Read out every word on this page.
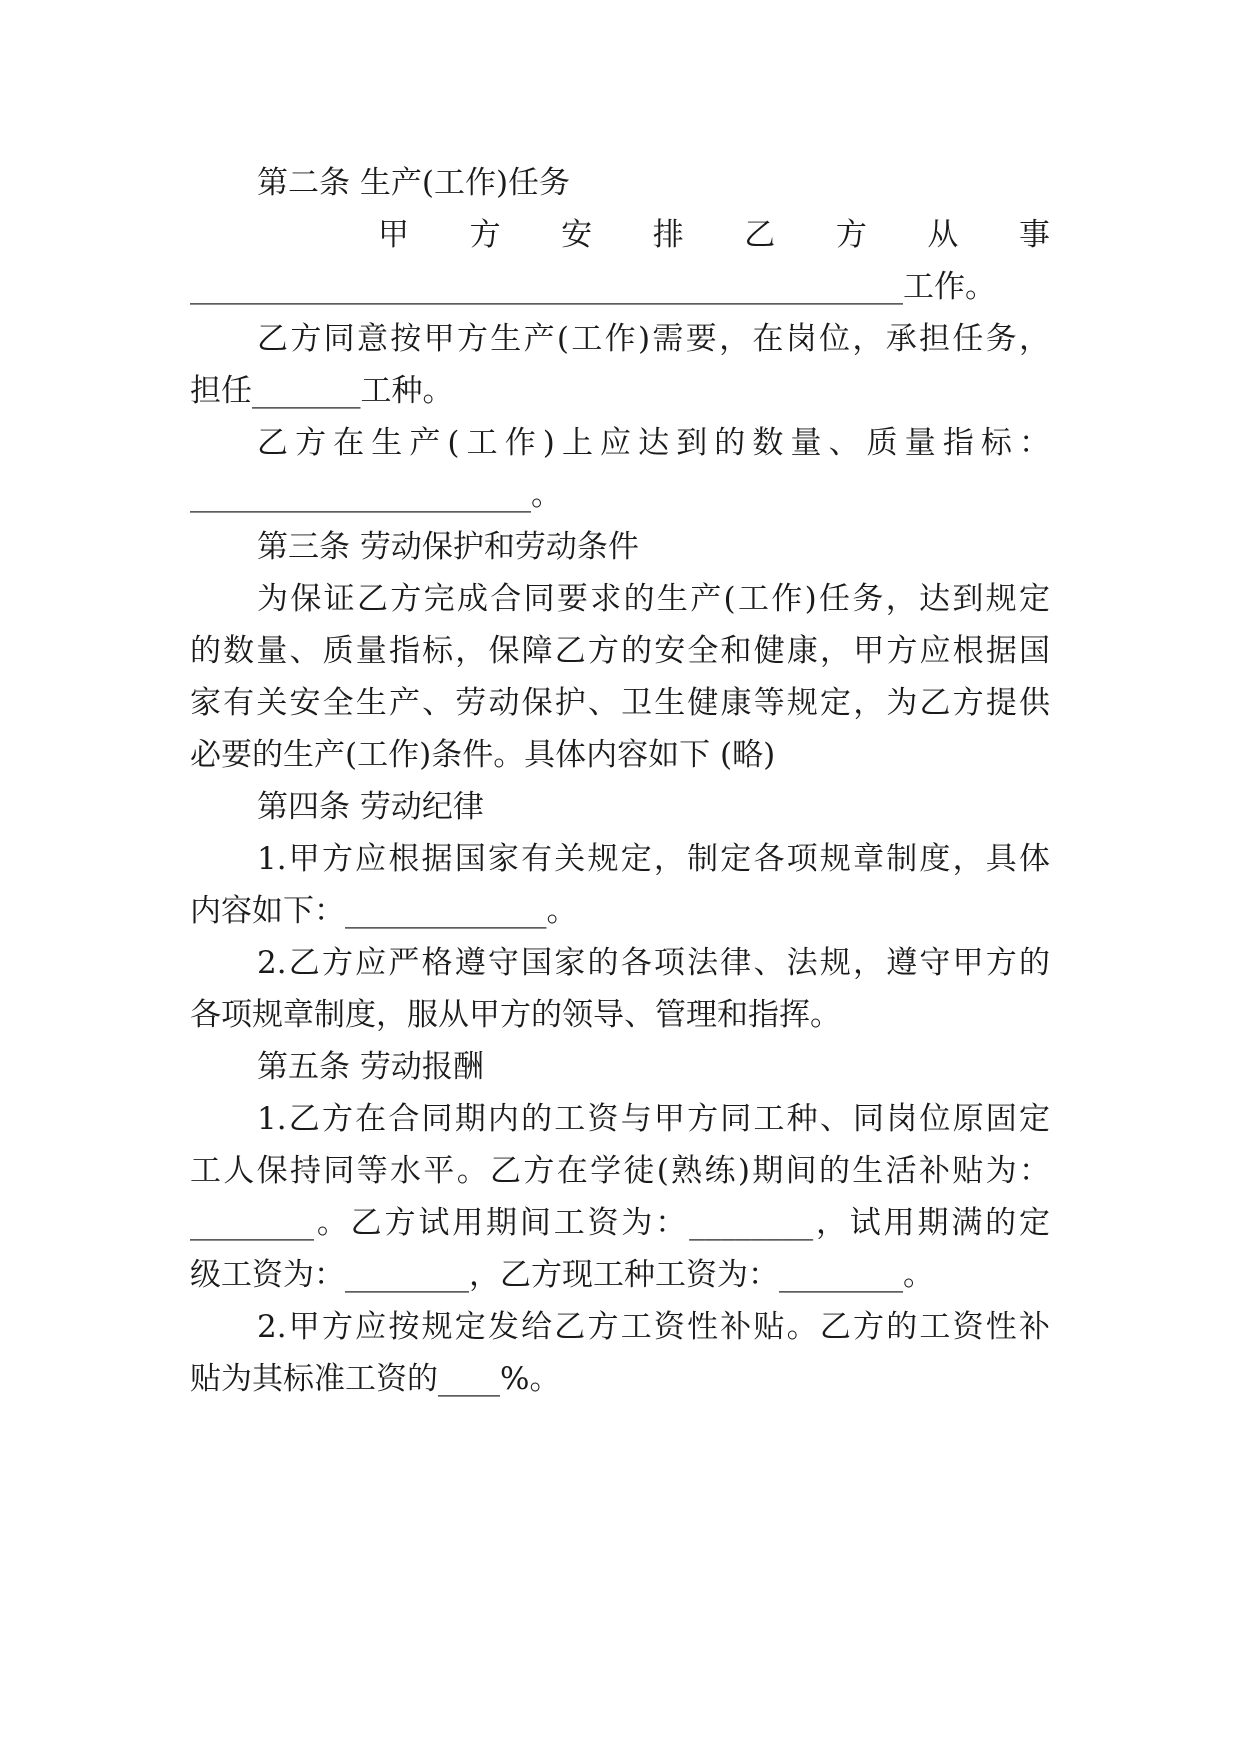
第二条 生产(工作)任务
甲 方 安 排 乙 方 从 事
______________________________________________工作。
乙方同意按甲方生产(工作)需要，在岗位，承担任务，
担任_______工种。
乙方在生产(工作)上应达到的数量、质量指标：
______________________。
第三条 劳动保护和劳动条件
为保证乙方完成合同要求的生产(工作)任务，达到规定
的数量、质量指标，保障乙方的安全和健康，甲方应根据国
家有关安全生产、劳动保护、卫生健康等规定，为乙方提供
必要的生产(工作)条件。具体内容如下 (略)
第四条 劳动纪律
1.甲方应根据国家有关规定，制定各项规章制度，具体
内容如下：_____________。
2.乙方应严格遵守国家的各项法律、法规，遵守甲方的
各项规章制度，服从甲方的领导、管理和指挥。
第五条 劳动报酬
1.乙方在合同期内的工资与甲方同工种、同岗位原固定
工人保持同等水平。乙方在学徒(熟练)期间的生活补贴为：
________。乙方试用期间工资为：________，试用期满的定
级工资为：________，乙方现工种工资为：________。
2.甲方应按规定发给乙方工资性补贴。乙方的工资性补
贴为其标准工资的____%。
